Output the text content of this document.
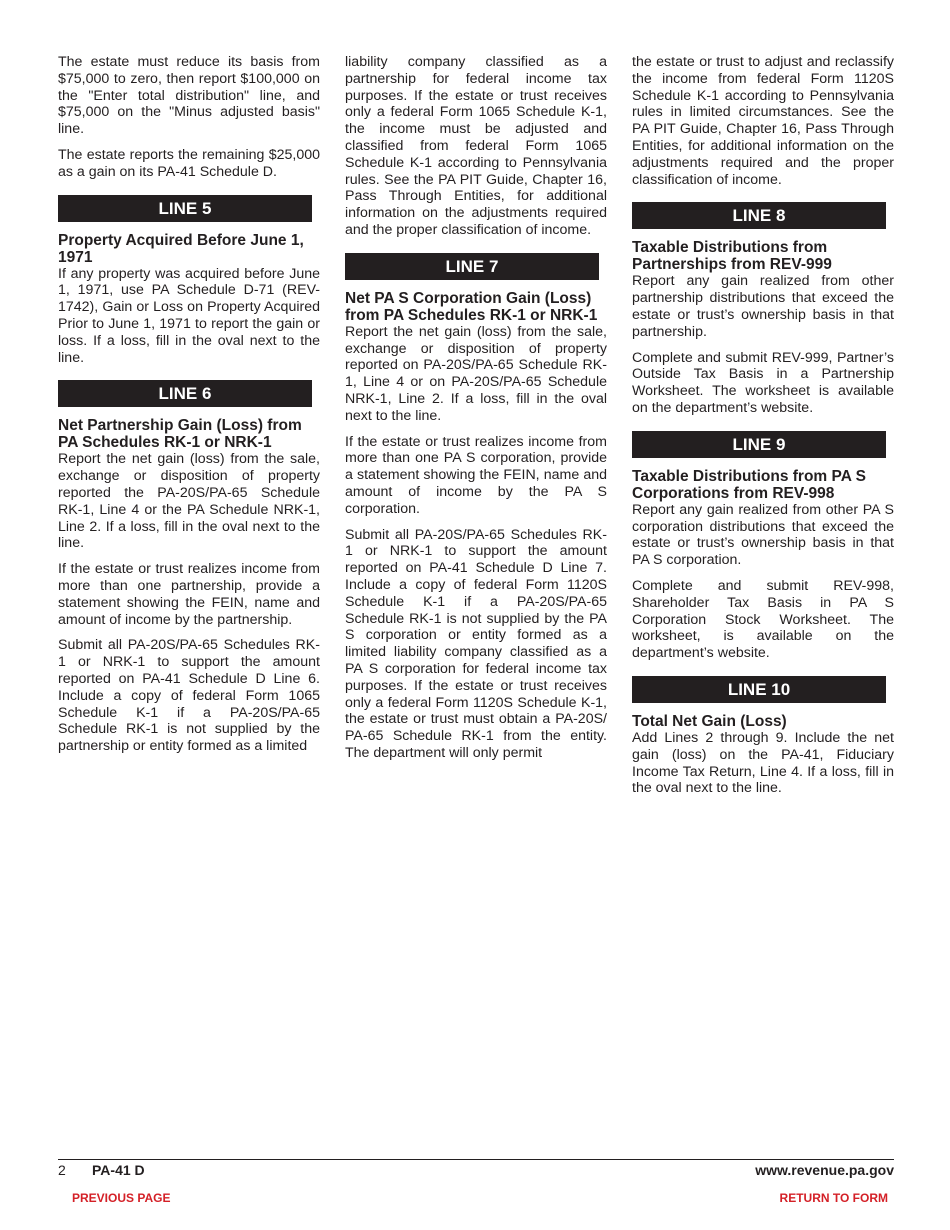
The estate must reduce its basis from $75,000 to zero, then report $100,000 on the "Enter total distribution" line, and $75,000 on the "Minus adjusted basis" line.

The estate reports the remaining $25,000 as a gain on its PA-41 Schedule D.

LINE 5
Property Acquired Before June 1, 1971

If any property was acquired before June 1, 1971, use PA Schedule D-71 (REV-1742), Gain or Loss on Property Acquired Prior to June 1, 1971 to report the gain or loss. If a loss, fill in the oval next to the line.

LINE 6
Net Partnership Gain (Loss) from PA Schedules RK-1 or NRK-1

Report the net gain (loss) from the sale, exchange or disposition of property reported the PA-20S/PA-65 Schedule RK-1, Line 4 or the PA Schedule NRK-1, Line 2. If a loss, fill in the oval next to the line.

If the estate or trust realizes income from more than one partnership, provide a statement showing the FEIN, name and amount of income by the partnership.

Submit all PA-20S/PA-65 Schedules RK-1 or NRK-1 to support the amount reported on PA-41 Schedule D Line 6. Include a copy of federal Form 1065 Schedule K-1 if a PA-20S/PA-65 Schedule RK-1 is not supplied by the partnership or entity formed as a limited

liability company classified as a partnership for federal income tax purposes. If the estate or trust receives only a federal Form 1065 Schedule K-1, the income must be adjusted and classified from federal Form 1065 Schedule K-1 according to Pennsylvania rules. See the PA PIT Guide, Chapter 16, Pass Through Entities, for additional information on the adjustments required and the proper classification of income.

LINE 7
Net PA S Corporation Gain (Loss) from PA Schedules RK-1 or NRK-1

Report the net gain (loss) from the sale, exchange or disposition of property reported on PA-20S/PA-65 Schedule RK-1, Line 4 or on PA-20S/PA-65 Schedule NRK-1, Line 2. If a loss, fill in the oval next to the line.

If the estate or trust realizes income from more than one PA S corporation, provide a statement showing the FEIN, name and amount of income by the PA S corporation.

Submit all PA-20S/PA-65 Schedules RK-1 or NRK-1 to support the amount reported on PA-41 Schedule D Line 7. Include a copy of federal Form 1120S Schedule K-1 if a PA-20S/PA-65 Schedule RK-1 is not supplied by the PA S corporation or entity formed as a limited liability company classified as a PA S corporation for federal income tax purposes. If the estate or trust receives only a federal Form 1120S Schedule K-1, the estate or trust must obtain a PA-20S/ PA-65 Schedule RK-1 from the entity. The department will only permit

the estate or trust to adjust and reclassify the income from federal Form 1120S Schedule K-1 according to Pennsylvania rules in limited circumstances. See the PA PIT Guide, Chapter 16, Pass Through Entities, for additional information on the adjustments required and the proper classification of income.

LINE 8
Taxable Distributions from Partnerships from REV-999

Report any gain realized from other partnership distributions that exceed the estate or trust’s ownership basis in that partnership.

Complete and submit REV-999, Partner’s Outside Tax Basis in a Partnership Worksheet. The worksheet is available on the department’s website.

LINE 9
Taxable Distributions from PA S Corporations from REV-998

Report any gain realized from other PA S corporation distributions that exceed the estate or trust’s ownership basis in that PA S corporation.

Complete and submit REV-998, Shareholder Tax Basis in PA S Corporation Stock Worksheet. The worksheet, is available on the department’s website.

LINE 10
Total Net Gain (Loss)

Add Lines 2 through 9. Include the net gain (loss) on the PA-41, Fiduciary Income Tax Return, Line 4. If a loss, fill in the oval next to the line.

2 PA-41 D	www.revenue.pa.gov
PREVIOUS PAGE	RETURN TO FORM
